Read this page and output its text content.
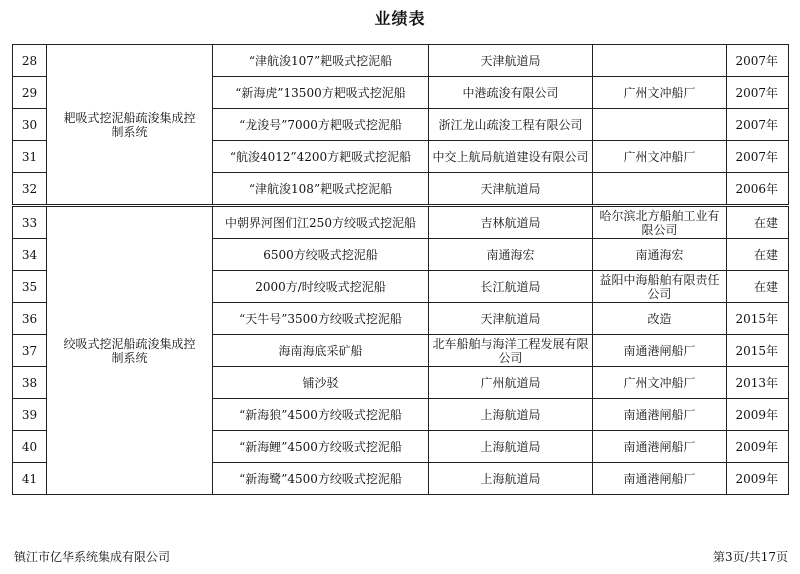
业绩表
28	耙吸式挖泥船疏浚集成控制系统	“津航浚107”耙吸式挖泥船	天津航道局		2007年
29		“新海虎”13500方耙吸式挖泥船	中港疏浚有限公司	广州文冲船厂	2007年
30		“龙浚号”7000方耙吸式挖泥船	浙江龙山疏浚工程有限公司		2007年
31		“航浚4012”4200方耙吸式挖泥船	中交上航局航道建设有限公司	广州文冲船厂	2007年
32		“津航浚108”耙吸式挖泥船	天津航道局		2006年
33	绞吸式挖泥船疏浚集成控制系统	中朝界河图们江250方绞吸式挖泥船	吉林航道局	哈尔滨北方船舶工业有限公司	在建
34		6500方绞吸式挖泥船	南通海宏	南通海宏	在建
35		2000方/时绞吸式挖泥船	长江航道局	益阳中海船舶有限责任公司	在建
36		“天牛号”3500方绞吸式挖泥船	天津航道局	改造	2015年
37		海南海底采矿船	北车船舶与海洋工程发展有限公司	南通港闸船厂	2015年
38		铺沙驳	广州航道局	广州文冲船厂	2013年
39		“新海狼”4500方绞吸式挖泥船	上海航道局	南通港闸船厂	2009年
40		“新海鲤”4500方绞吸式挖泥船	上海航道局	南通港闸船厂	2009年
41		“新海鹭”4500方绞吸式挖泥船	上海航道局	南通港闸船厂	2009年
镇江市亿华系统集成有限公司	第3页/共17页
